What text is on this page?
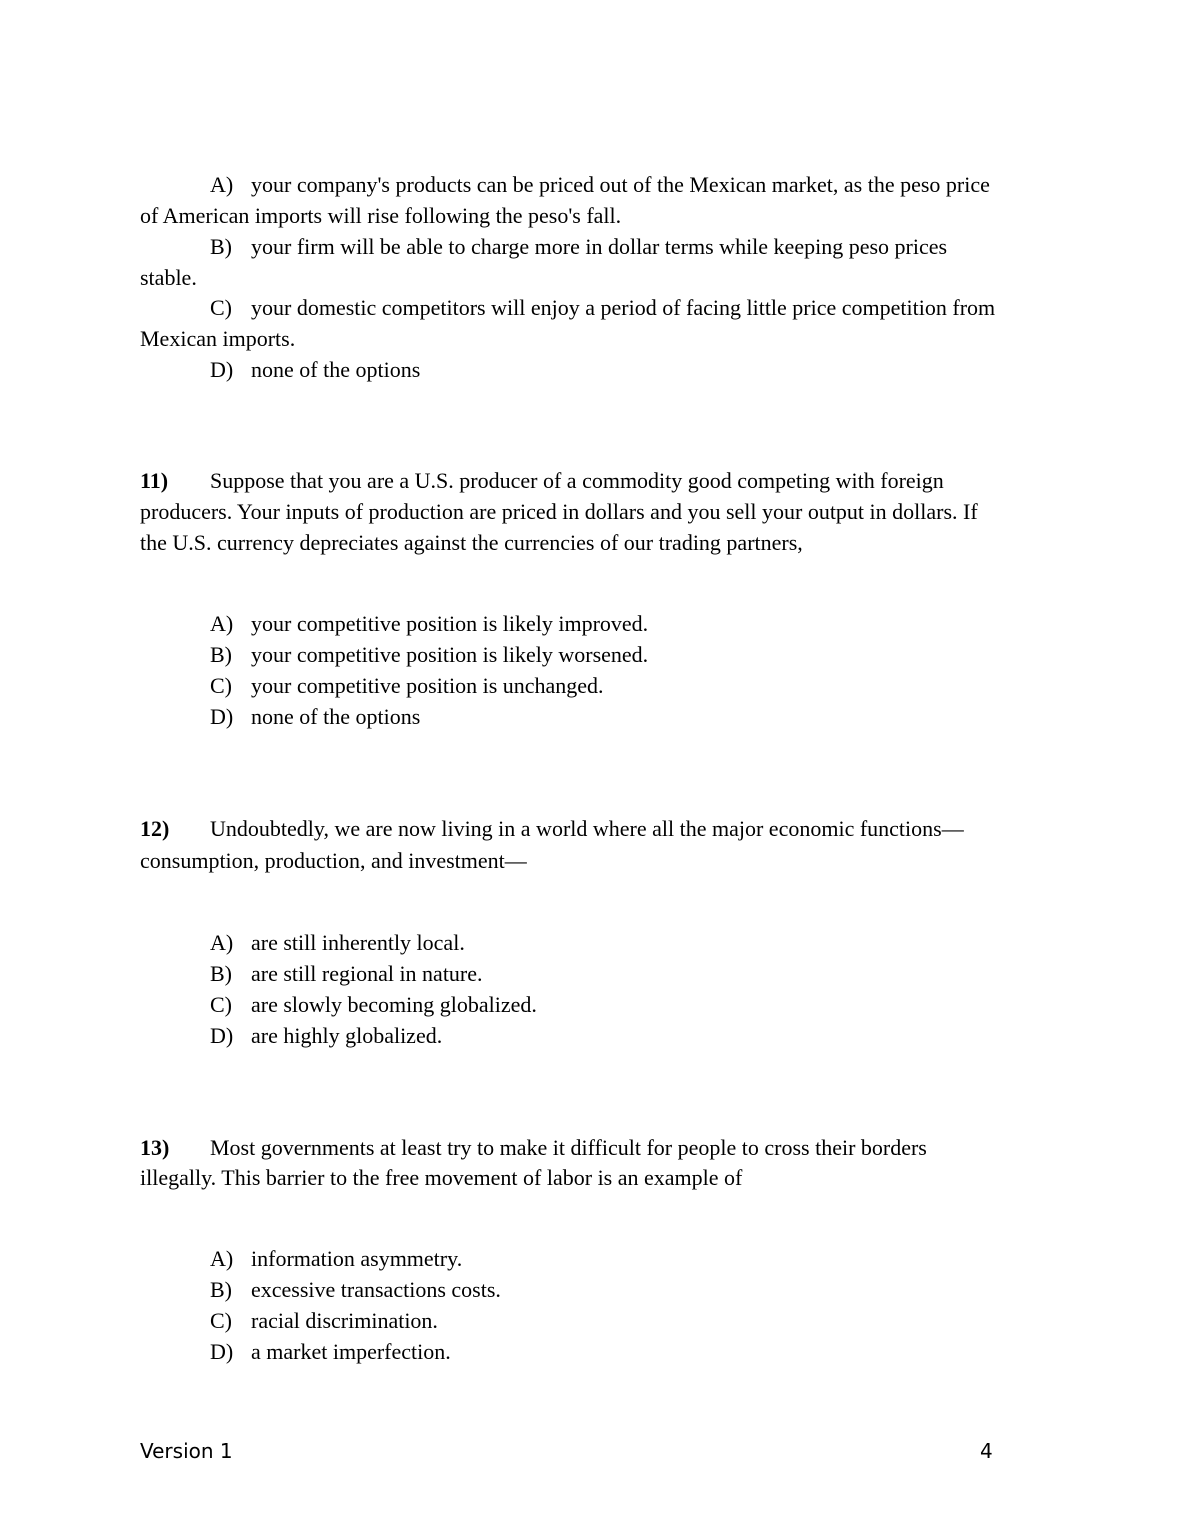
A) your company's products can be priced out of the Mexican market, as the peso price
of American imports will rise following the peso's fall.
B) your firm will be able to charge more in dollar terms while keeping peso prices
stable.
C) your domestic competitors will enjoy a period of facing little price competition from
Mexican imports.
D) none of the options
11) Suppose that you are a U.S. producer of a commodity good competing with foreign
producers. Your inputs of production are priced in dollars and you sell your output in dollars. If
the U.S. currency depreciates against the currencies of our trading partners,
A) your competitive position is likely improved.
B) your competitive position is likely worsened.
C) your competitive position is unchanged.
D) none of the options
12) Undoubtedly, we are now living in a world where all the major economic functions—
consumption, production, and investment—
A) are still inherently local.
B) are still regional in nature.
C) are slowly becoming globalized.
D) are highly globalized.
13) Most governments at least try to make it difficult for people to cross their borders
illegally. This barrier to the free movement of labor is an example of
A) information asymmetry.
B) excessive transactions costs.
C) racial discrimination.
D) a market imperfection.
Version 1	4
